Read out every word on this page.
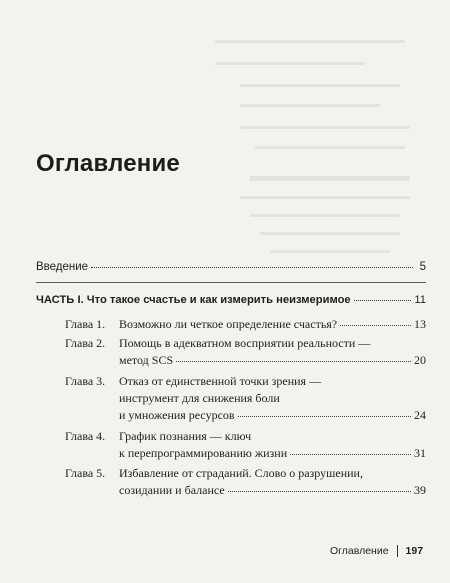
Оглавление
Введение	5
ЧАСТЬ I. Что такое счастье и как измерить неизмеримое	11
Глава 1. Возможно ли четкое определение счастья?	13
Глава 2. Помощь в адекватном восприятии реальности —
метод SCS	20
Глава 3. Отказ от единственной точки зрения —
инструмент для снижения боли
и умножения ресурсов	24
Глава 4. График познания — ключ
к перепрограммированию жизни	31
Глава 5. Избавление от страданий. Слово о разрушении,
созидании и балансе	39
Оглавление 197
